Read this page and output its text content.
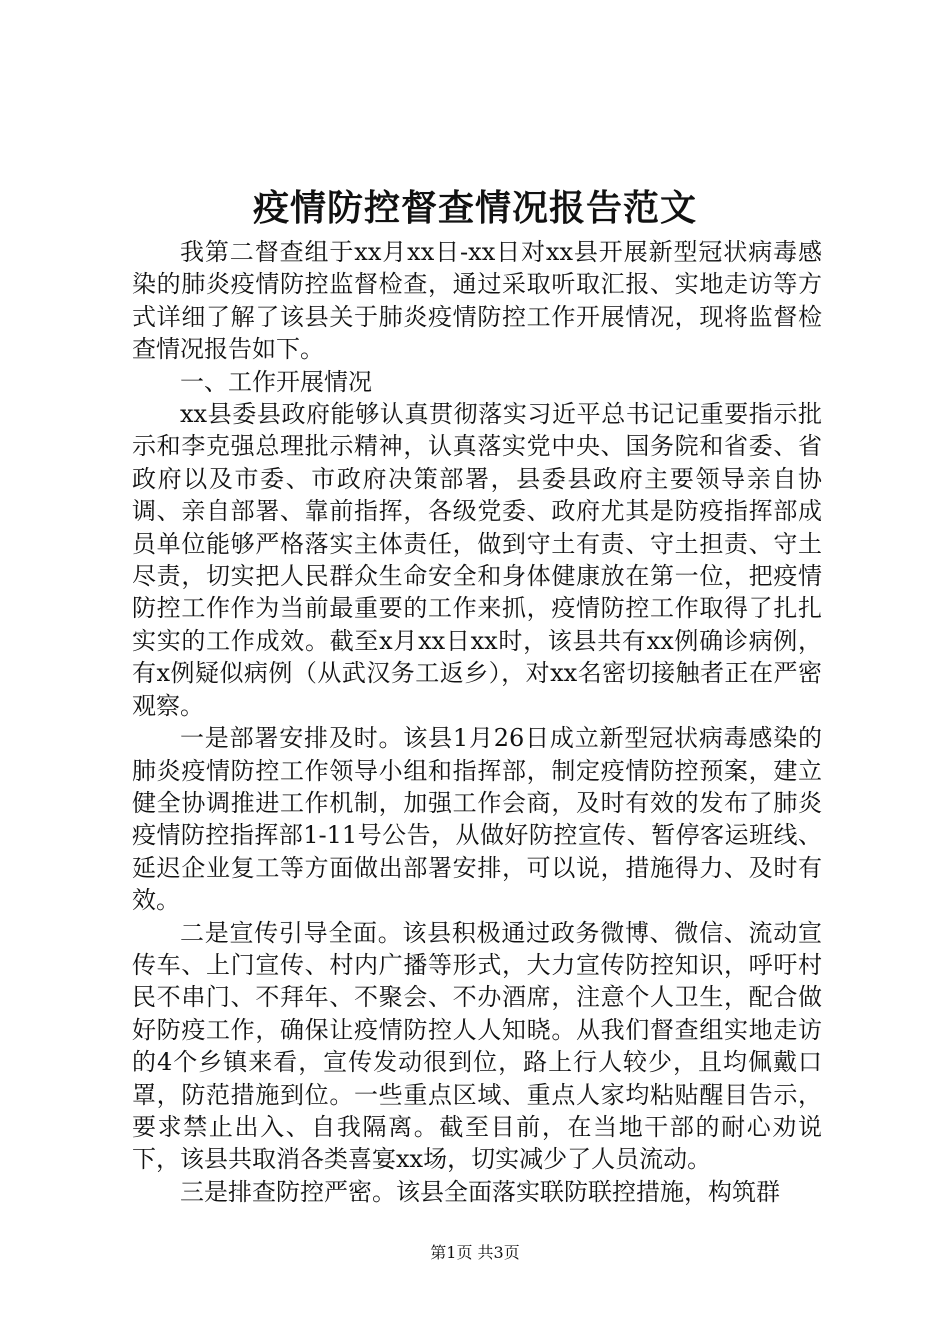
疫情防控督查情况报告范文

我第二督查组于xx月xx日-xx日对xx县开展新型冠状病毒感染的肺炎疫情防控监督检查，通过采取听取汇报、实地走访等方式详细了解了该县关于肺炎疫情防控工作开展情况，现将监督检查情况报告如下。

一、工作开展情况

xx县委县政府能够认真贯彻落实习近平总书记记重要指示批示和李克强总理批示精神，认真落实党中央、国务院和省委、省政府以及市委、市政府决策部署，县委县政府主要领导亲自协调、亲自部署、靠前指挥，各级党委、政府尤其是防疫指挥部成员单位能够严格落实主体责任，做到守土有责、守土担责、守土尽责，切实把人民群众生命安全和身体健康放在第一位，把疫情防控工作作为当前最重要的工作来抓，疫情防控工作取得了扎扎实实的工作成效。截至x月xx日xx时，该县共有xx例确诊病例，有x例疑似病例（从武汉务工返乡），对xx名密切接触者正在严密观察。

一是部署安排及时。该县1月26日成立新型冠状病毒感染的肺炎疫情防控工作领导小组和指挥部，制定疫情防控预案，建立健全协调推进工作机制，加强工作会商，及时有效的发布了肺炎疫情防控指挥部1-11号公告，从做好防控宣传、暂停客运班线、延迟企业复工等方面做出部署安排，可以说，措施得力、及时有效。

二是宣传引导全面。该县积极通过政务微博、微信、流动宣传车、上门宣传、村内广播等形式，大力宣传防控知识，呼吁村民不串门、不拜年、不聚会、不办酒席，注意个人卫生，配合做好防疫工作，确保让疫情防控人人知晓。从我们督查组实地走访的4个乡镇来看，宣传发动很到位，路上行人较少，且均佩戴口罩，防范措施到位。一些重点区域、重点人家均粘贴醒目告示，要求禁止出入、自我隔离。截至目前，在当地干部的耐心劝说下，该县共取消各类喜宴xx场，切实减少了人员流动。

三是排查防控严密。该县全面落实联防联控措施，构筑群

第1页 共3页
